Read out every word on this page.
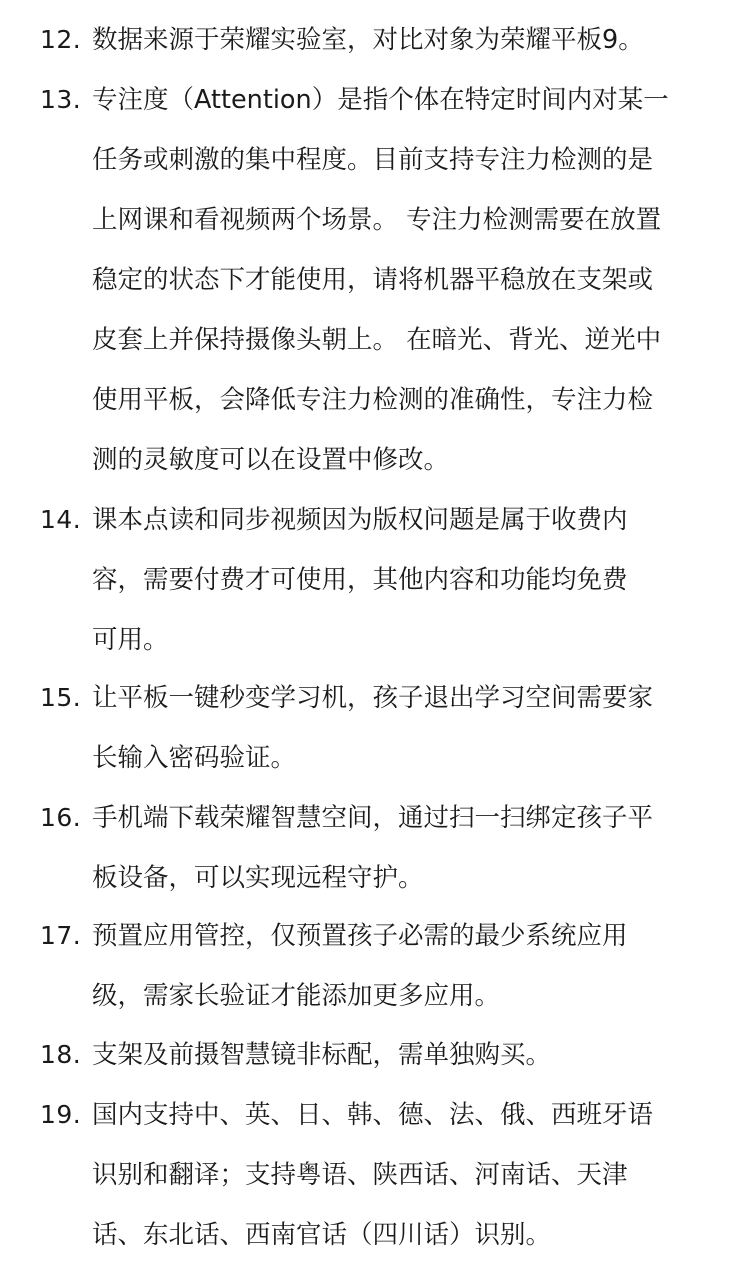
12. 数据来源于荣耀实验室，对比对象为荣耀平板9。

13. 专注度（Attention）是指个体在特定时间内对某一
任务或刺激的集中程度。目前支持专注力检测的是
上网课和看视频两个场景。 专注力检测需要在放置
稳定的状态下才能使用，请将机器平稳放在支架或
皮套上并保持摄像头朝上。 在暗光、背光、逆光中
使用平板，会降低专注力检测的准确性，专注力检
测的灵敏度可以在设置中修改。

14. 课本点读和同步视频因为版权问题是属于收费内
容，需要付费才可使用，其他内容和功能均免费
可用。

15. 让平板一键秒变学习机，孩子退出学习空间需要家
长输入密码验证。

16. 手机端下载荣耀智慧空间，通过扫一扫绑定孩子平
板设备，可以实现远程守护。

17. 预置应用管控，仅预置孩子必需的最少系统应用
级，需家长验证才能添加更多应用。

18. 支架及前摄智慧镜非标配，需单独购买。

19. 国内支持中、英、日、韩、德、法、俄、西班牙语
识别和翻译；支持粤语、陕西话、河南话、天津
话、东北话、西南官话（四川话）识别。
